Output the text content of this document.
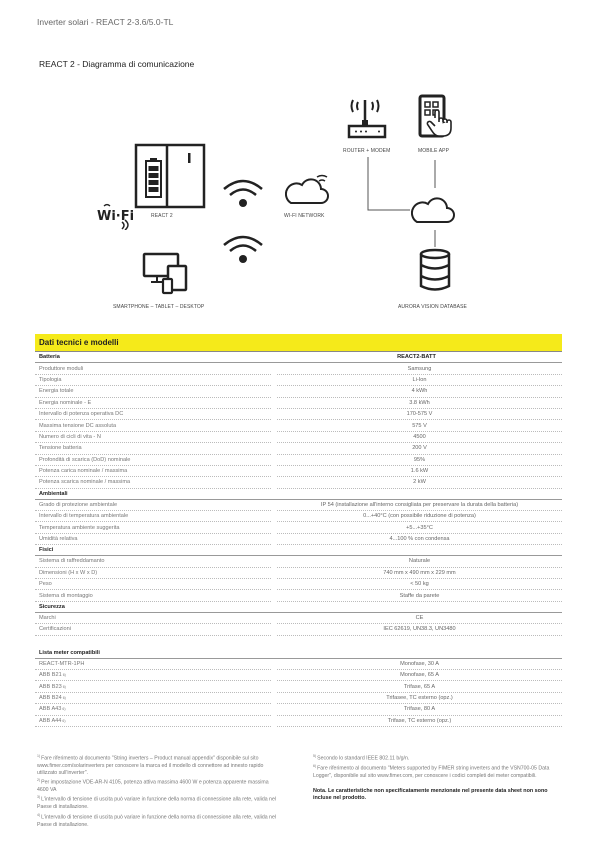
Inverter solari - REACT 2-3.6/5.0-TL
REACT 2 - Diagramma di comunicazione
Wi·Fi	REACT 2	WI-FI NETWORK
ROUTER + MODEM	MOBILE APP
AURORA VISION DATABASE
SMARTPHONE – TABLET – DESKTOP
Dati tecnici e modelli
Batteria	REACT2-BATT
Produttore moduli	Samsung
Tipologia	Li-Ion
Energia totale	4 kWh
Energia nominale - E	3.8 kWh
Intervallo di potenza operativa DC	170-575 V
Massima tensione DC assoluta	575 V
Numero di cicli di vita - N	4500
Tensione batteria	200 V
Profondità di scarica (DoD) nominale	95%
Potenza carica nominale / massima	1.6 kW
Potenza scarica nominale / massima	2 kW
Ambientali
Grado di protezione ambientale	IP 54 (installazione all'interno consigliata per preservare la durata della batteria)
Intervallo di temperatura ambientale	0...+40°C (con possibile riduzione di potenza)
Temperatura ambiente suggerita	+5...+35°C
Umidità relativa	4...100 % con condensa
Fisici
Sistema di raffreddamanto	Naturale
Dimensioni (H x W x D)	740 mm x 490 mm x 229 mm
Peso	< 50 kg
Sistema di montaggio	Staffe da parete
Sicurezza
Marchi	CE
Certificazioni	IEC 62619, UN38.3, UN3480
Lista meter compatibili
REACT-MTR-1PH	Monofase, 30 A
ABB B21 6)	Monofase, 65 A
ABB B23 6)	Trifase, 65 A
ABB B24 6)	Trifasee, TC esterno (opz.)
ABB A43 6)	Trifase, 80 A
ABB A44 6)	Trifase, TC esterno (opz.)
$^{1)}$Fare riferimento al documento "String inverters – Product manual appendix" disponibile sul sito www.fimer.com/solarinverters per conoscere la marca ed il modello di connettore ad innesto rapido utilizzato sull'inverter".
$^{2)}$Per impostazione VDE-AR-N 4105, potenza attiva massima 4600 W e potenza apparente massima 4600 VA
$^{3)}$L'intervallo di tensione di uscita può variare in funzione della norma di connessione alla rete, valida nel Paese di installazione.
$^{4)}$L'intervallo di tensione di uscita può variare in funzione della norma di connessione alla rete, valida nel Paese di installazione.
$^{5)}$Secondo lo standard IEEE 802.11 b/g/n.
$^{6)}$Fare riferimento al documento "Meters supported by FIMER string inverters and the VSN700-05 Data Logger", disponibile sul sito www.fimer.com, per conoscere i codici completi dei meter compatibili.
Nota. Le caratteristiche non specificatamente menzionate nel presente data sheet non sono incluse nel prodotto.
